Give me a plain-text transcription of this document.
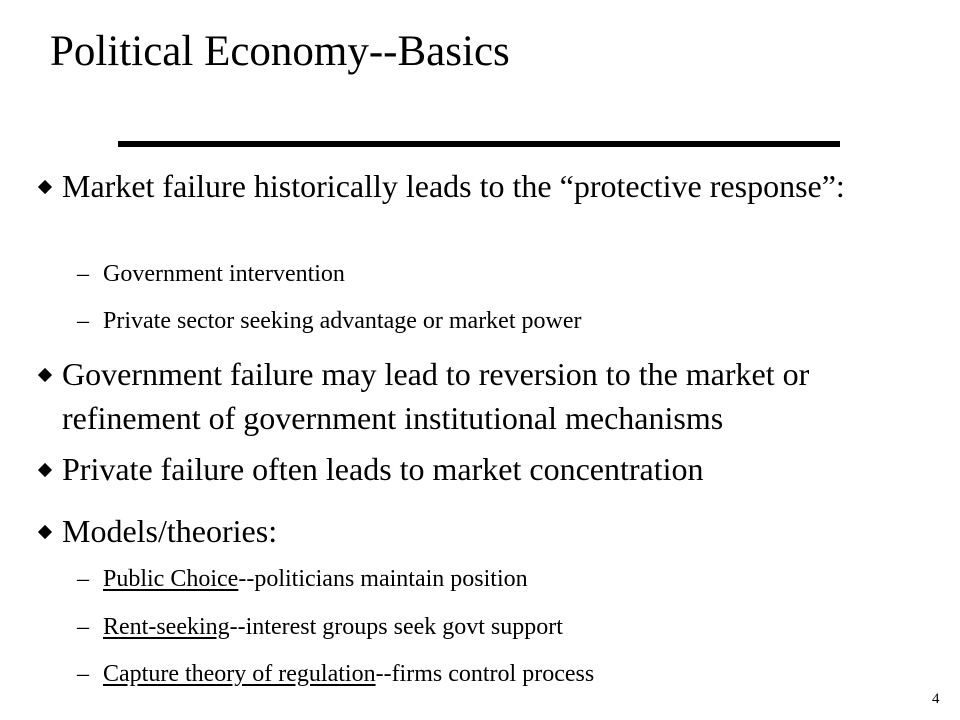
Political Economy--Basics
Market failure historically leads to the “protective response”:
– Government intervention
– Private sector seeking advantage or market power
Government failure may lead to reversion to the market or refinement of government institutional mechanisms
Private failure often leads to market concentration
Models/theories:
– Public Choice--politicians maintain position
– Rent-seeking--interest groups seek govt support
– Capture theory of regulation--firms control process
4
